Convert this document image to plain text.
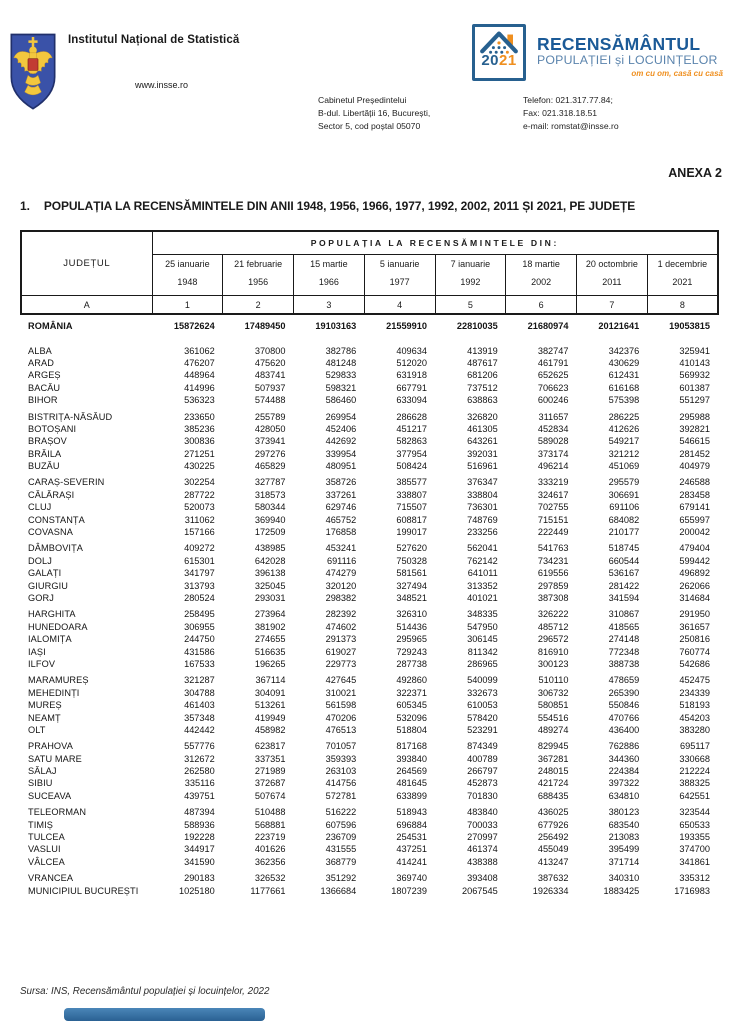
Institutul Național de Statistică
www.insse.ro
2021
RECENSĂMÂNTUL
POPULAȚIEI și LOCUINȚELOR
om cu om, casă cu casă
Cabinetul Președintelui
B-dul. Libertății 16, București,
Sector 5, cod poștal 05070
Telefon: 021.317.77.84;
Fax: 021.318.18.51
e-mail: romstat@insse.ro
ANEXA 2
1. POPULAȚIA LA RECENSĂMINTELE DIN ANII 1948, 1956, 1966, 1977, 1992, 2002, 2011 ȘI 2021, PE JUDEȚE
JUDEȚUL	POPULAȚIA LA RECENSĂMINTELE DIN:							

25 ianuarie
1948

21 februarie
1956

15 martie
1966

5 ianuarie
1977

7 ianuarie
1992

18 martie
2002

20 octombrie
2011

1 decembrie
2021

A	1	2	3	4	5	6	7	8
ROMÂNIA	15872624	17489450	19103163	21559910	22810035	21680974	20121641	19053815
ALBA	361062	370800	382786	409634	413919	382747	342376	325941
ARAD	476207	475620	481248	512020	487617	461791	430629	410143
ARGEȘ	448964	483741	529833	631918	681206	652625	612431	569932
BACĂU	414996	507937	598321	667791	737512	706623	616168	601387
BIHOR	536323	574488	586460	633094	638863	600246	575398	551297
BISTRIȚA-NĂSĂUD	233650	255789	269954	286628	326820	311657	286225	295988
BOTOȘANI	385236	428050	452406	451217	461305	452834	412626	392821
BRAȘOV	300836	373941	442692	582863	643261	589028	549217	546615
BRĂILA	271251	297276	339954	377954	392031	373174	321212	281452
BUZĂU	430225	465829	480951	508424	516961	496214	451069	404979
CARAȘ-SEVERIN	302254	327787	358726	385577	376347	333219	295579	246588
CĂLĂRAȘI	287722	318573	337261	338807	338804	324617	306691	283458
CLUJ	520073	580344	629746	715507	736301	702755	691106	679141
CONSTANȚA	311062	369940	465752	608817	748769	715151	684082	655997
COVASNA	157166	172509	176858	199017	233256	222449	210177	200042
DÂMBOVIȚA	409272	438985	453241	527620	562041	541763	518745	479404
DOLJ	615301	642028	691116	750328	762142	734231	660544	599442
GALAȚI	341797	396138	474279	581561	641011	619556	536167	496892
GIURGIU	313793	325045	320120	327494	313352	297859	281422	262066
GORJ	280524	293031	298382	348521	401021	387308	341594	314684
HARGHITA	258495	273964	282392	326310	348335	326222	310867	291950
HUNEDOARA	306955	381902	474602	514436	547950	485712	418565	361657
IALOMIȚA	244750	274655	291373	295965	306145	296572	274148	250816
IAȘI	431586	516635	619027	729243	811342	816910	772348	760774
ILFOV	167533	196265	229773	287738	286965	300123	388738	542686
MARAMUREȘ	321287	367114	427645	492860	540099	510110	478659	452475
MEHEDINȚI	304788	304091	310021	322371	332673	306732	265390	234339
MUREȘ	461403	513261	561598	605345	610053	580851	550846	518193
NEAMȚ	357348	419949	470206	532096	578420	554516	470766	454203
OLT	442442	458982	476513	518804	523291	489274	436400	383280
PRAHOVA	557776	623817	701057	817168	874349	829945	762886	695117
SATU MARE	312672	337351	359393	393840	400789	367281	344360	330668
SĂLAJ	262580	271989	263103	264569	266797	248015	224384	212224
SIBIU	335116	372687	414756	481645	452873	421724	397322	388325
SUCEAVA	439751	507674	572781	633899	701830	688435	634810	642551
TELEORMAN	487394	510488	516222	518943	483840	436025	380123	323544
TIMIȘ	588936	568881	607596	696884	700033	677926	683540	650533
TULCEA	192228	223719	236709	254531	270997	256492	213083	193355
VASLUI	344917	401626	431555	437251	461374	455049	395499	374700
VÂLCEA	341590	362356	368779	414241	438388	413247	371714	341861
VRANCEA	290183	326532	351292	369740	393408	387632	340310	335312
MUNICIPIUL BUCUREȘTI	1025180	1177661	1366684	1807239	2067545	1926334	1883425	1716983
Sursa: INS, Recensământul populației și locuințelor, 2022
